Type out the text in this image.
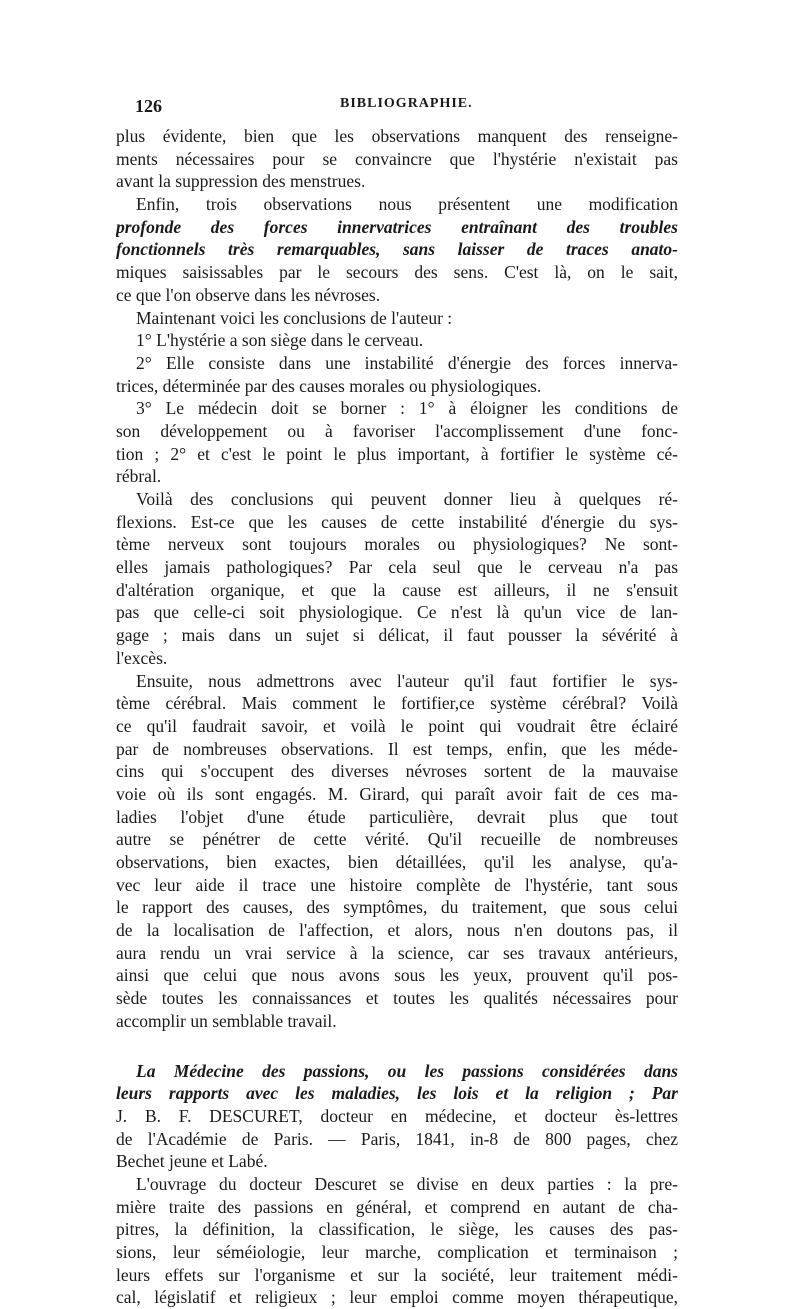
126	BIBLIOGRAPHIE.
plus évidente, bien que les observations manquent des renseigne-
ments nécessaires pour se convaincre que l'hystérie n'existait pas
avant la suppression des menstrues.
Enfin, trois observations nous présentent une modification
profonde des forces innervatrices entraînant des troubles
fonctionnels très remarquables, sans laisser de traces anato-
miques saisissables par le secours des sens. C'est là, on le sait,
ce que l'on observe dans les névroses.
Maintenant voici les conclusions de l'auteur :
1° L'hystérie a son siège dans le cerveau.
2° Elle consiste dans une instabilité d'énergie des forces innerva-
trices, déterminée par des causes morales ou physiologiques.
3° Le médecin doit se borner : 1° à éloigner les conditions de
son développement ou à favoriser l'accomplissement d'une fonc-
tion ; 2° et c'est le point le plus important, à fortifier le système cé-
rébral.
Voilà des conclusions qui peuvent donner lieu à quelques ré-
flexions. Est-ce que les causes de cette instabilité d'énergie du sys-
tème nerveux sont toujours morales ou physiologiques? Ne sont-
elles jamais pathologiques? Par cela seul que le cerveau n'a pas
d'altération organique, et que la cause est ailleurs, il ne s'ensuit
pas que celle-ci soit physiologique. Ce n'est là qu'un vice de lan-
gage ; mais dans un sujet si délicat, il faut pousser la sévérité à
l'excès.
Ensuite, nous admettrons avec l'auteur qu'il faut fortifier le sys-
tème cérébral. Mais comment le fortifier,ce système cérébral? Voilà
ce qu'il faudrait savoir, et voilà le point qui voudrait être éclairé
par de nombreuses observations. Il est temps, enfin, que les méde-
cins qui s'occupent des diverses névroses sortent de la mauvaise
voie où ils sont engagés. M. Girard, qui paraît avoir fait de ces ma-
ladies l'objet d'une étude particulière, devrait plus que tout
autre se pénétrer de cette vérité. Qu'il recueille de nombreuses
observations, bien exactes, bien détaillées, qu'il les analyse, qu'a-
vec leur aide il trace une histoire complète de l'hystérie, tant sous
le rapport des causes, des symptômes, du traitement, que sous celui
de la localisation de l'affection, et alors, nous n'en doutons pas, il
aura rendu un vrai service à la science, car ses travaux antérieurs,
ainsi que celui que nous avons sous les yeux, prouvent qu'il pos-
sède toutes les connaissances et toutes les qualités nécessaires pour
accomplir un semblable travail.
La Médecine des passions, ou les passions considérées dans
leurs rapports avec les maladies, les lois et la religion ; Par
J. B. F. DESCURET, docteur en médecine, et docteur ès-lettres
de l'Académie de Paris. — Paris, 1841, in-8 de 800 pages, chez
Bechet jeune et Labé.
L'ouvrage du docteur Descuret se divise en deux parties : la pre-
mière traite des passions en général, et comprend en autant de cha-
pitres, la définition, la classification, le siège, les causes des pas-
sions, leur séméiologie, leur marche, complication et terminaison ;
leurs effets sur l'organisme et sur la société, leur traitement médi-
cal, législatif et religieux ; leur emploi comme moyen thérapeutique,
